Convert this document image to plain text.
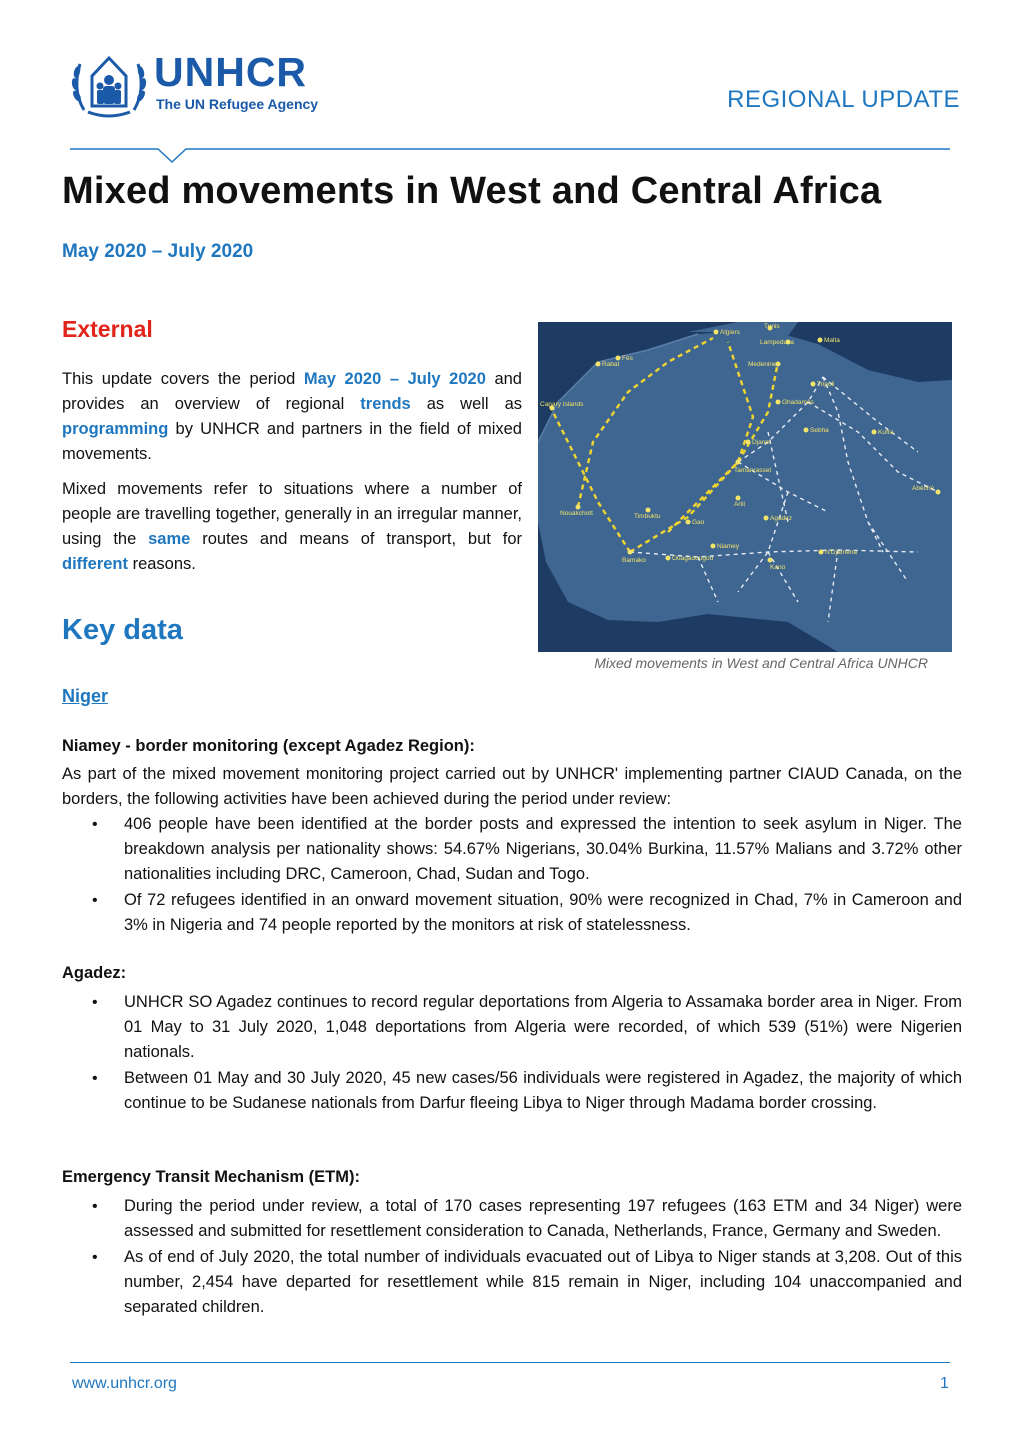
UNHCR
The UN Refugee Agency	REGIONAL UPDATE
Mixed movements in West and Central Africa
May 2020 – July 2020
External

This update covers the period May 2020 – July 2020 and provides an overview of regional trends as well as programming by UNHCR and partners in the field of mixed movements.

Mixed movements refer to situations where a number of people are travelling together, generally in an irregular manner, using the same routes and means of transport, but for different reasons.

Key data
Rabat
Fès
Algiers
Tunis
Lampedusa	Malta
Medenine
Tripoli
Canary Islands	Ghadamès
Sebha
Djanet
Kufra
Tamanrasset
Nouakchott	Timbuktu
Arlit
Gao
Agadez
Bamako	Ouagadougou
Niamey
Kano
N'Djamena
Abéché
Mixed movements in West and Central Africa UNHCR
Niger
Niamey - border monitoring (except Agadez Region):

As part of the mixed movement monitoring project carried out by UNHCR' implementing partner CIAUD Canada, on the borders, the following activities have been achieved during the period under review:

• 406 people have been identified at the border posts and expressed the intention to seek asylum in Niger. The breakdown analysis per nationality shows: 54.67% Nigerians, 30.04% Burkina, 11.57% Malians and 3.72% other nationalities including DRC, Cameroon, Chad, Sudan and Togo.
• Of 72 refugees identified in an onward movement situation, 90% were recognized in Chad, 7% in Cameroon and 3% in Nigeria and 74 people reported by the monitors at risk of statelessness.
Agadez:
• UNHCR SO Agadez continues to record regular deportations from Algeria to Assamaka border area in Niger. From 01 May to 31 July 2020, 1,048 deportations from Algeria were recorded, of which 539 (51%) were Nigerien nationals.
• Between 01 May and 30 July 2020, 45 new cases/56 individuals were registered in Agadez, the majority of which continue to be Sudanese nationals from Darfur fleeing Libya to Niger through Madama border crossing.
Emergency Transit Mechanism (ETM):
• During the period under review, a total of 170 cases representing 197 refugees (163 ETM and 34 Niger) were assessed and submitted for resettlement consideration to Canada, Netherlands, France, Germany and Sweden.
• As of end of July 2020, the total number of individuals evacuated out of Libya to Niger stands at 3,208. Out of this number, 2,454 have departed for resettlement while 815 remain in Niger, including 104 unaccompanied and separated children.
www.unhcr.org	1
